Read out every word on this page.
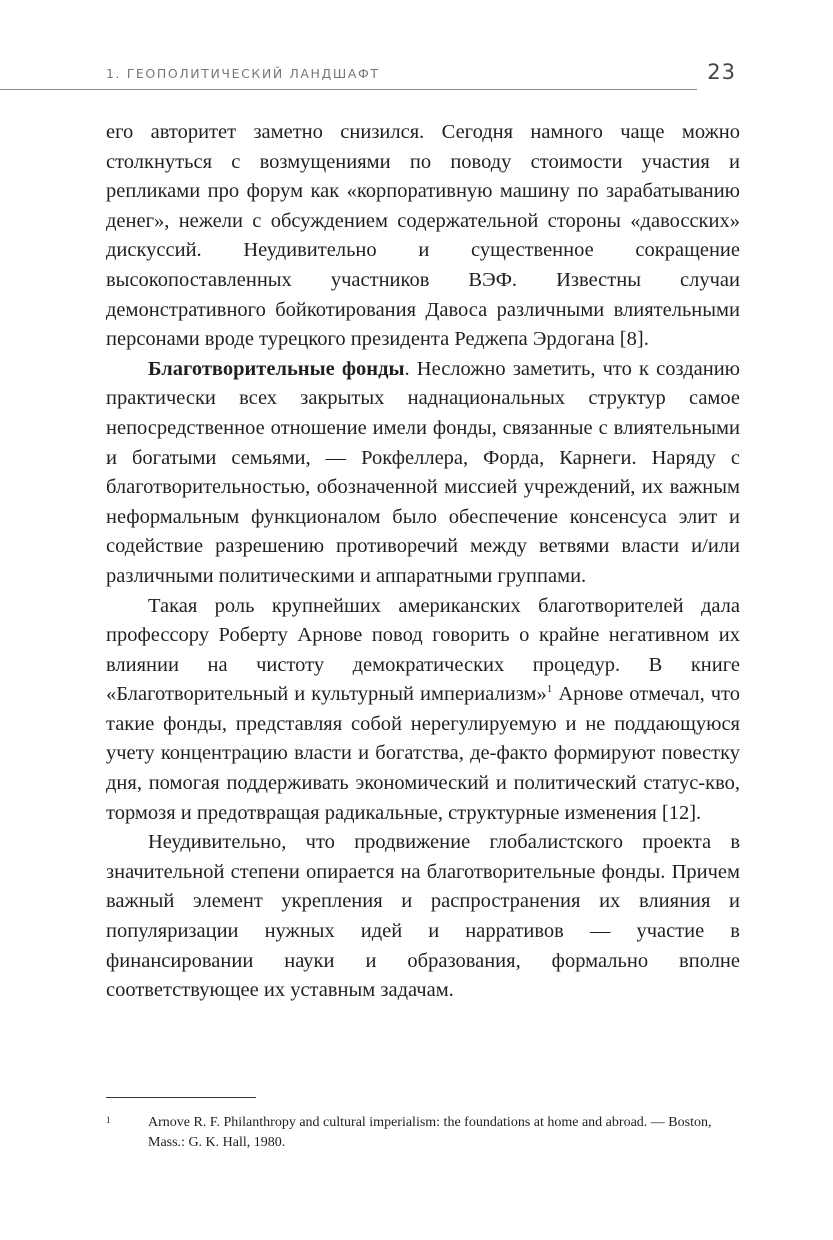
1. ГЕОПОЛИТИЧЕСКИЙ ЛАНДШАФТ	23

его авторитет заметно снизился. Сегодня намного чаще можно столкнуться с возмущениями по поводу стоимости участия и репликами про форум как «корпоративную машину по зарабатыванию денег», нежели с обсуждением содержательной стороны «давосских» дискуссий. Неудивительно и существенное сокращение высокопоставленных участников ВЭФ. Известны случаи демонстративного бойкотирования Давоса различными влиятельными персонами вроде турецкого президента Реджепа Эрдогана [8].

Благотворительные фонды. Несложно заметить, что к созданию практически всех закрытых наднациональных структур самое непосредственное отношение имели фонды, связанные с влиятельными и богатыми семьями, — Рокфеллера, Форда, Карнеги. Наряду с благотворительностью, обозначенной миссией учреждений, их важным неформальным функционалом было обеспечение консенсуса элит и содействие разрешению противоречий между ветвями власти и/или различными политическими и аппаратными группами.

Такая роль крупнейших американских благотворителей дала профессору Роберту Арнове повод говорить о крайне негативном их влиянии на чистоту демократических процедур. В книге «Благотворительный и культурный империализм»$^1$ Арнове отмечал, что такие фонды, представляя собой нерегулируемую и не поддающуюся учету концентрацию власти и богатства, де-факто формируют повестку дня, помогая поддерживать экономический и политический статус-кво, тормозя и предотвращая радикальные, структурные изменения [12].

Неудивительно, что продвижение глобалистского проекта в значительной степени опирается на благотворительные фонды. Причем важный элемент укрепления и распространения их влияния и популяризации нужных идей и нарративов — участие в финансировании науки и образования, формально вполне соответствующее их уставным задачам.

1	Arnove R. F. Philanthropy and cultural imperialism: the foundations at home and abroad. — Boston, Mass.: G. K. Hall, 1980.
